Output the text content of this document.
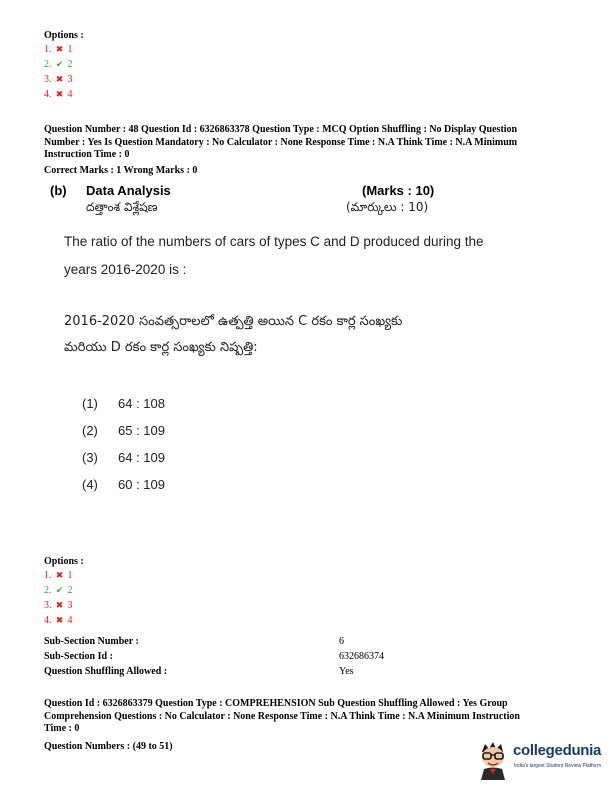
Options :
1. ✖ 1
2. ✔ 2
3. ✖ 3
4. ✖ 4
Question Number : 48 Question Id : 6326863378 Question Type : MCQ Option Shuffling : No Display Question
Number : Yes Is Question Mandatory : No Calculator : None Response Time : N.A Think Time : N.A Minimum
Instruction Time : 0
Correct Marks : 1 Wrong Marks : 0
(b) Data Analysis
దత్తాంశ విశ్లేషణ
(Marks : 10)
(మార్కులు : 10)
The ratio of the numbers of cars of types C and D produced during the
years 2016-2020 is :
2016-2020 సంవత్సరాలలో ఉత్పత్తి అయిన C రకం కార్ల సంఖ్యకు
మరియు D రకం కార్ల సంఖ్యకు నిష్పత్తి:
(1) 64 : 108
(2) 65 : 109
(3) 64 : 109
(4) 60 : 109
Options :
1. ✖ 1
2. ✔ 2
3. ✖ 3
4. ✖ 4
Sub-Section Number :	6
Sub-Section Id :	632686374
Question Shuffling Allowed :	Yes
Question Id : 6326863379 Question Type : COMPREHENSION Sub Question Shuffling Allowed : Yes Group
Comprehension Questions : No Calculator : None Response Time : N.A Think Time : N.A Minimum Instruction
Time : 0
Question Numbers : (49 to 51)	collegedunia
India's largest Student Review Platform
